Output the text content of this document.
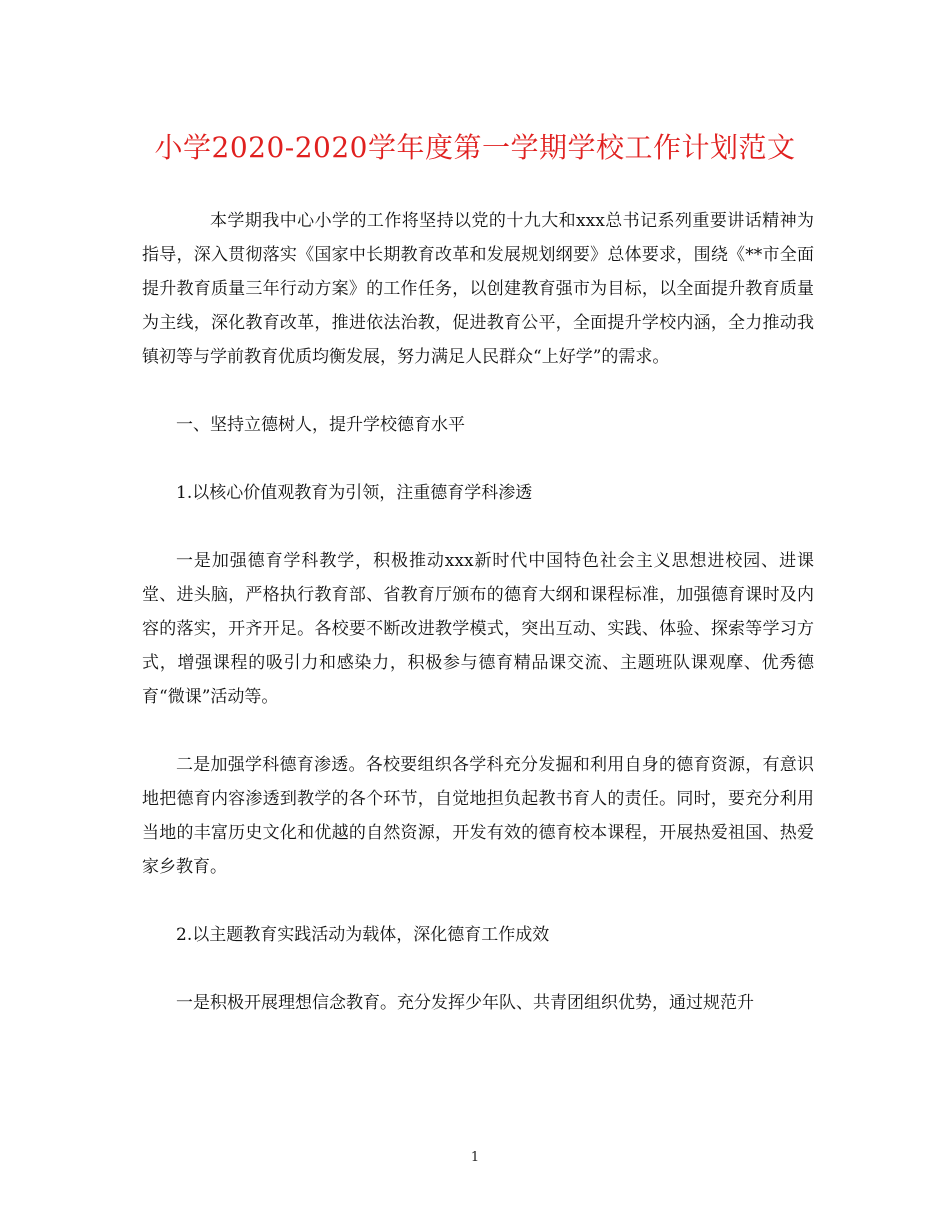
小学2020-2020学年度第一学期学校工作计划范文

本学期我中心小学的工作将坚持以党的十九大和xxx总书记系列重要讲话精神为指导，深入贯彻落实《国家中长期教育改革和发展规划纲要》总体要求，围绕《**市全面提升教育质量三年行动方案》的工作任务，以创建教育强市为目标，以全面提升教育质量为主线，深化教育改革，推进依法治教，促进教育公平，全面提升学校内涵，全力推动我镇初等与学前教育优质均衡发展，努力满足人民群众“上好学”的需求。

一、坚持立德树人，提升学校德育水平

1.以核心价值观教育为引领，注重德育学科渗透

一是加强德育学科教学，积极推动xxx新时代中国特色社会主义思想进校园、进课堂、进头脑，严格执行教育部、省教育厅颁布的德育大纲和课程标准，加强德育课时及内容的落实，开齐开足。各校要不断改进教学模式，突出互动、实践、体验、探索等学习方式，增强课程的吸引力和感染力，积极参与德育精品课交流、主题班队课观摩、优秀德育“微课”活动等。

二是加强学科德育渗透。各校要组织各学科充分发掘和利用自身的德育资源，有意识地把德育内容渗透到教学的各个环节，自觉地担负起教书育人的责任。同时，要充分利用当地的丰富历史文化和优越的自然资源，开发有效的德育校本课程，开展热爱祖国、热爱家乡教育。

2.以主题教育实践活动为载体，深化德育工作成效

一是积极开展理想信念教育。充分发挥少年队、共青团组织优势，通过规范升

1
